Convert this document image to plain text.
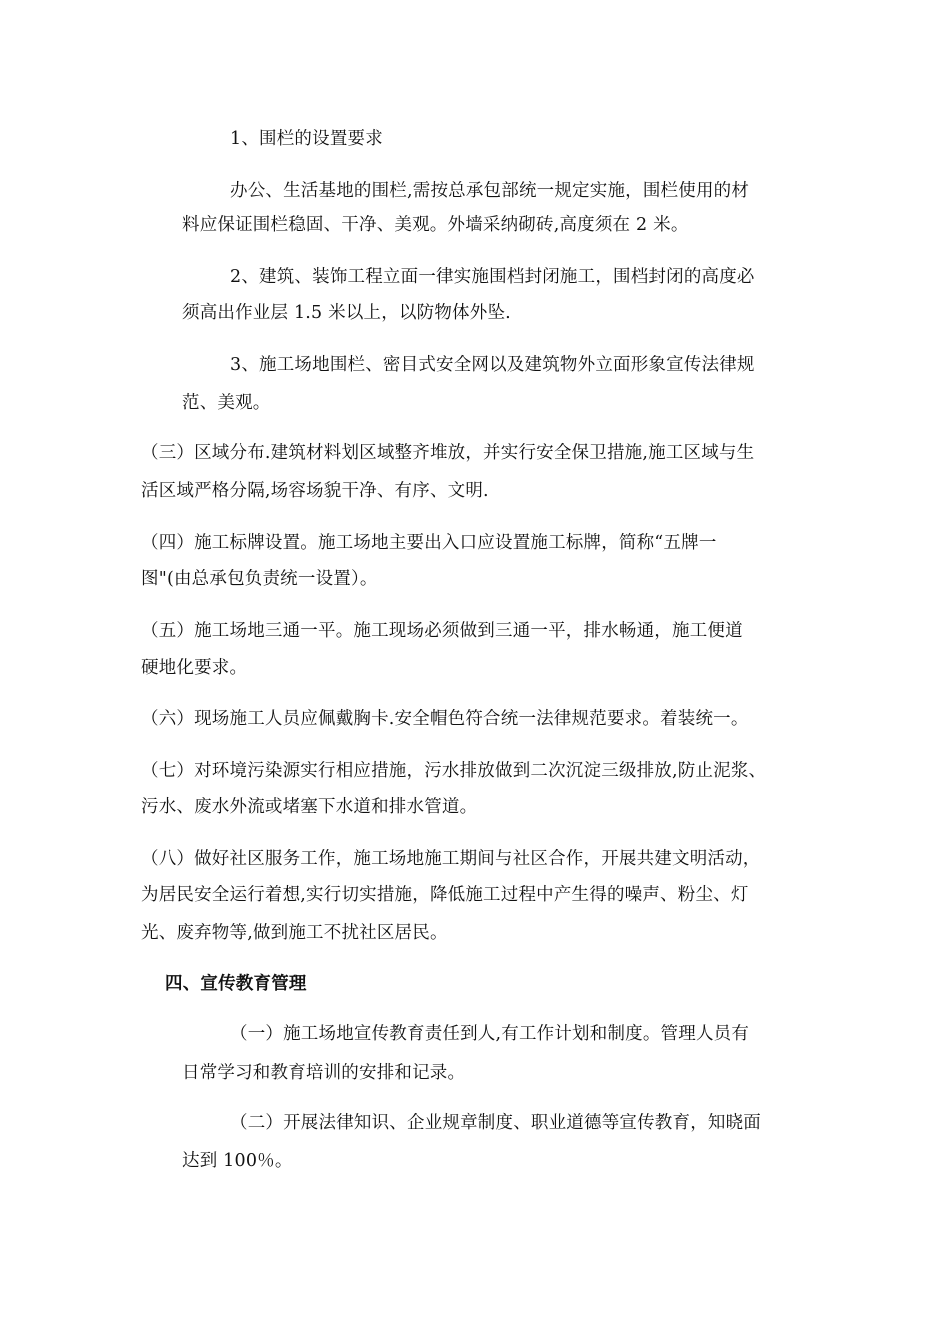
1、围栏的设置要求
办公、生活基地的围栏,需按总承包部统一规定实施，围栏使用的材
料应保证围栏稳固、干净、美观。外墙采纳砌砖,高度须在 2 米。
2、建筑、装饰工程立面一律实施围档封闭施工，围档封闭的高度必
须高出作业层 1.5 米以上，以防物体外坠.
3、施工场地围栏、密目式安全网以及建筑物外立面形象宣传法律规
范、美观。
（三）区域分布.建筑材料划区域整齐堆放，并实行安全保卫措施,施工区域与生
活区域严格分隔,场容场貌干净、有序、文明.
（四）施工标牌设置。施工场地主要出入口应设置施工标牌，简称“五牌一
图"(由总承包负责统一设置）。
（五）施工场地三通一平。施工现场必须做到三通一平，排水畅通，施工便道
硬地化要求。
（六）现场施工人员应佩戴胸卡.安全帽色符合统一法律规范要求。着装统一。
（七）对环境污染源实行相应措施，污水排放做到二次沉淀三级排放,防止泥浆、
污水、废水外流或堵塞下水道和排水管道。
（八）做好社区服务工作，施工场地施工期间与社区合作，开展共建文明活动，
为居民安全运行着想,实行切实措施，降低施工过程中产生得的噪声、粉尘、灯
光、废弃物等,做到施工不扰社区居民。
四、宣传教育管理
（一）施工场地宣传教育责任到人,有工作计划和制度。管理人员有
日常学习和教育培训的安排和记录。
（二）开展法律知识、企业规章制度、职业道德等宣传教育，知晓面
达到 100％。
